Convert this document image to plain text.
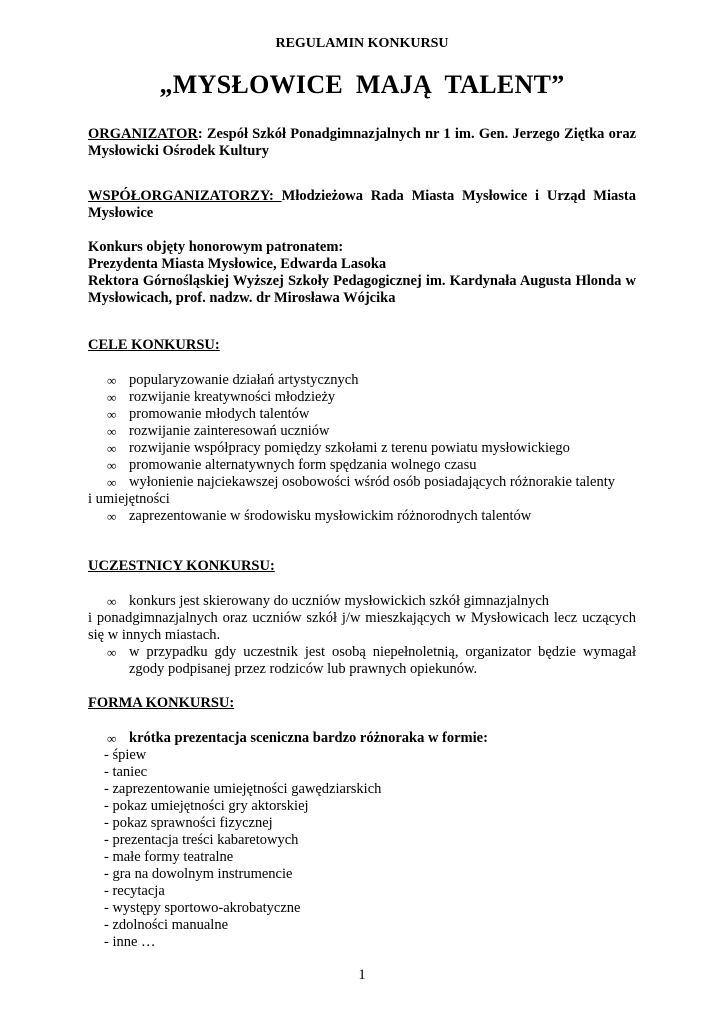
REGULAMIN KONKURSU
„MYSŁOWICE MAJĄ TALENT”
ORGANIZATOR: Zespół Szkół Ponadgimnazjalnych nr 1 im. Gen. Jerzego Ziętka oraz Mysłowicki Ośrodek Kultury
WSPÓŁORGANIZATORZY: Młodzieżowa Rada Miasta Mysłowice i Urząd Miasta Mysłowice
Konkurs objęty honorowym patronatem:
Prezydenta Miasta Mysłowice, Edwarda Lasoka
Rektora Górnośląskiej Wyższej Szkoły Pedagogicznej im. Kardynała Augusta Hlonda w Mysłowicach, prof. nadzw. dr Mirosława Wójcika
CELE KONKURSU:
∞ popularyzowanie działań artystycznych
∞ rozwijanie kreatywności młodzieży
∞ promowanie młodych talentów
∞ rozwijanie zainteresowań uczniów
∞ rozwijanie współpracy pomiędzy szkołami z terenu powiatu mysłowickiego
∞ promowanie alternatywnych form spędzania wolnego czasu
∞ wyłonienie najciekawszej osobowości wśród osób posiadających różnorakie talenty
i umiejętności
∞ zaprezentowanie w środowisku mysłowickim różnorodnych talentów
UCZESTNICY KONKURSU:
∞ konkurs jest skierowany do uczniów mysłowickich szkół gimnazjalnych
i ponadgimnazjalnych oraz uczniów szkół j/w mieszkających w Mysłowicach lecz uczących się w innych miastach.
∞ w przypadku gdy uczestnik jest osobą niepełnoletnią, organizator będzie wymagał zgody podpisanej przez rodziców lub prawnych opiekunów.
FORMA KONKURSU:
∞ krótka prezentacja sceniczna bardzo różnoraka w formie:
- śpiew
- taniec
- zaprezentowanie umiejętności gawędziarskich
- pokaz umiejętności gry aktorskiej
- pokaz sprawności fizycznej
- prezentacja treści kabaretowych
- małe formy teatralne
- gra na dowolnym instrumencie
- recytacja
- występy sportowo-akrobatyczne
- zdolności manualne
- inne …
1
